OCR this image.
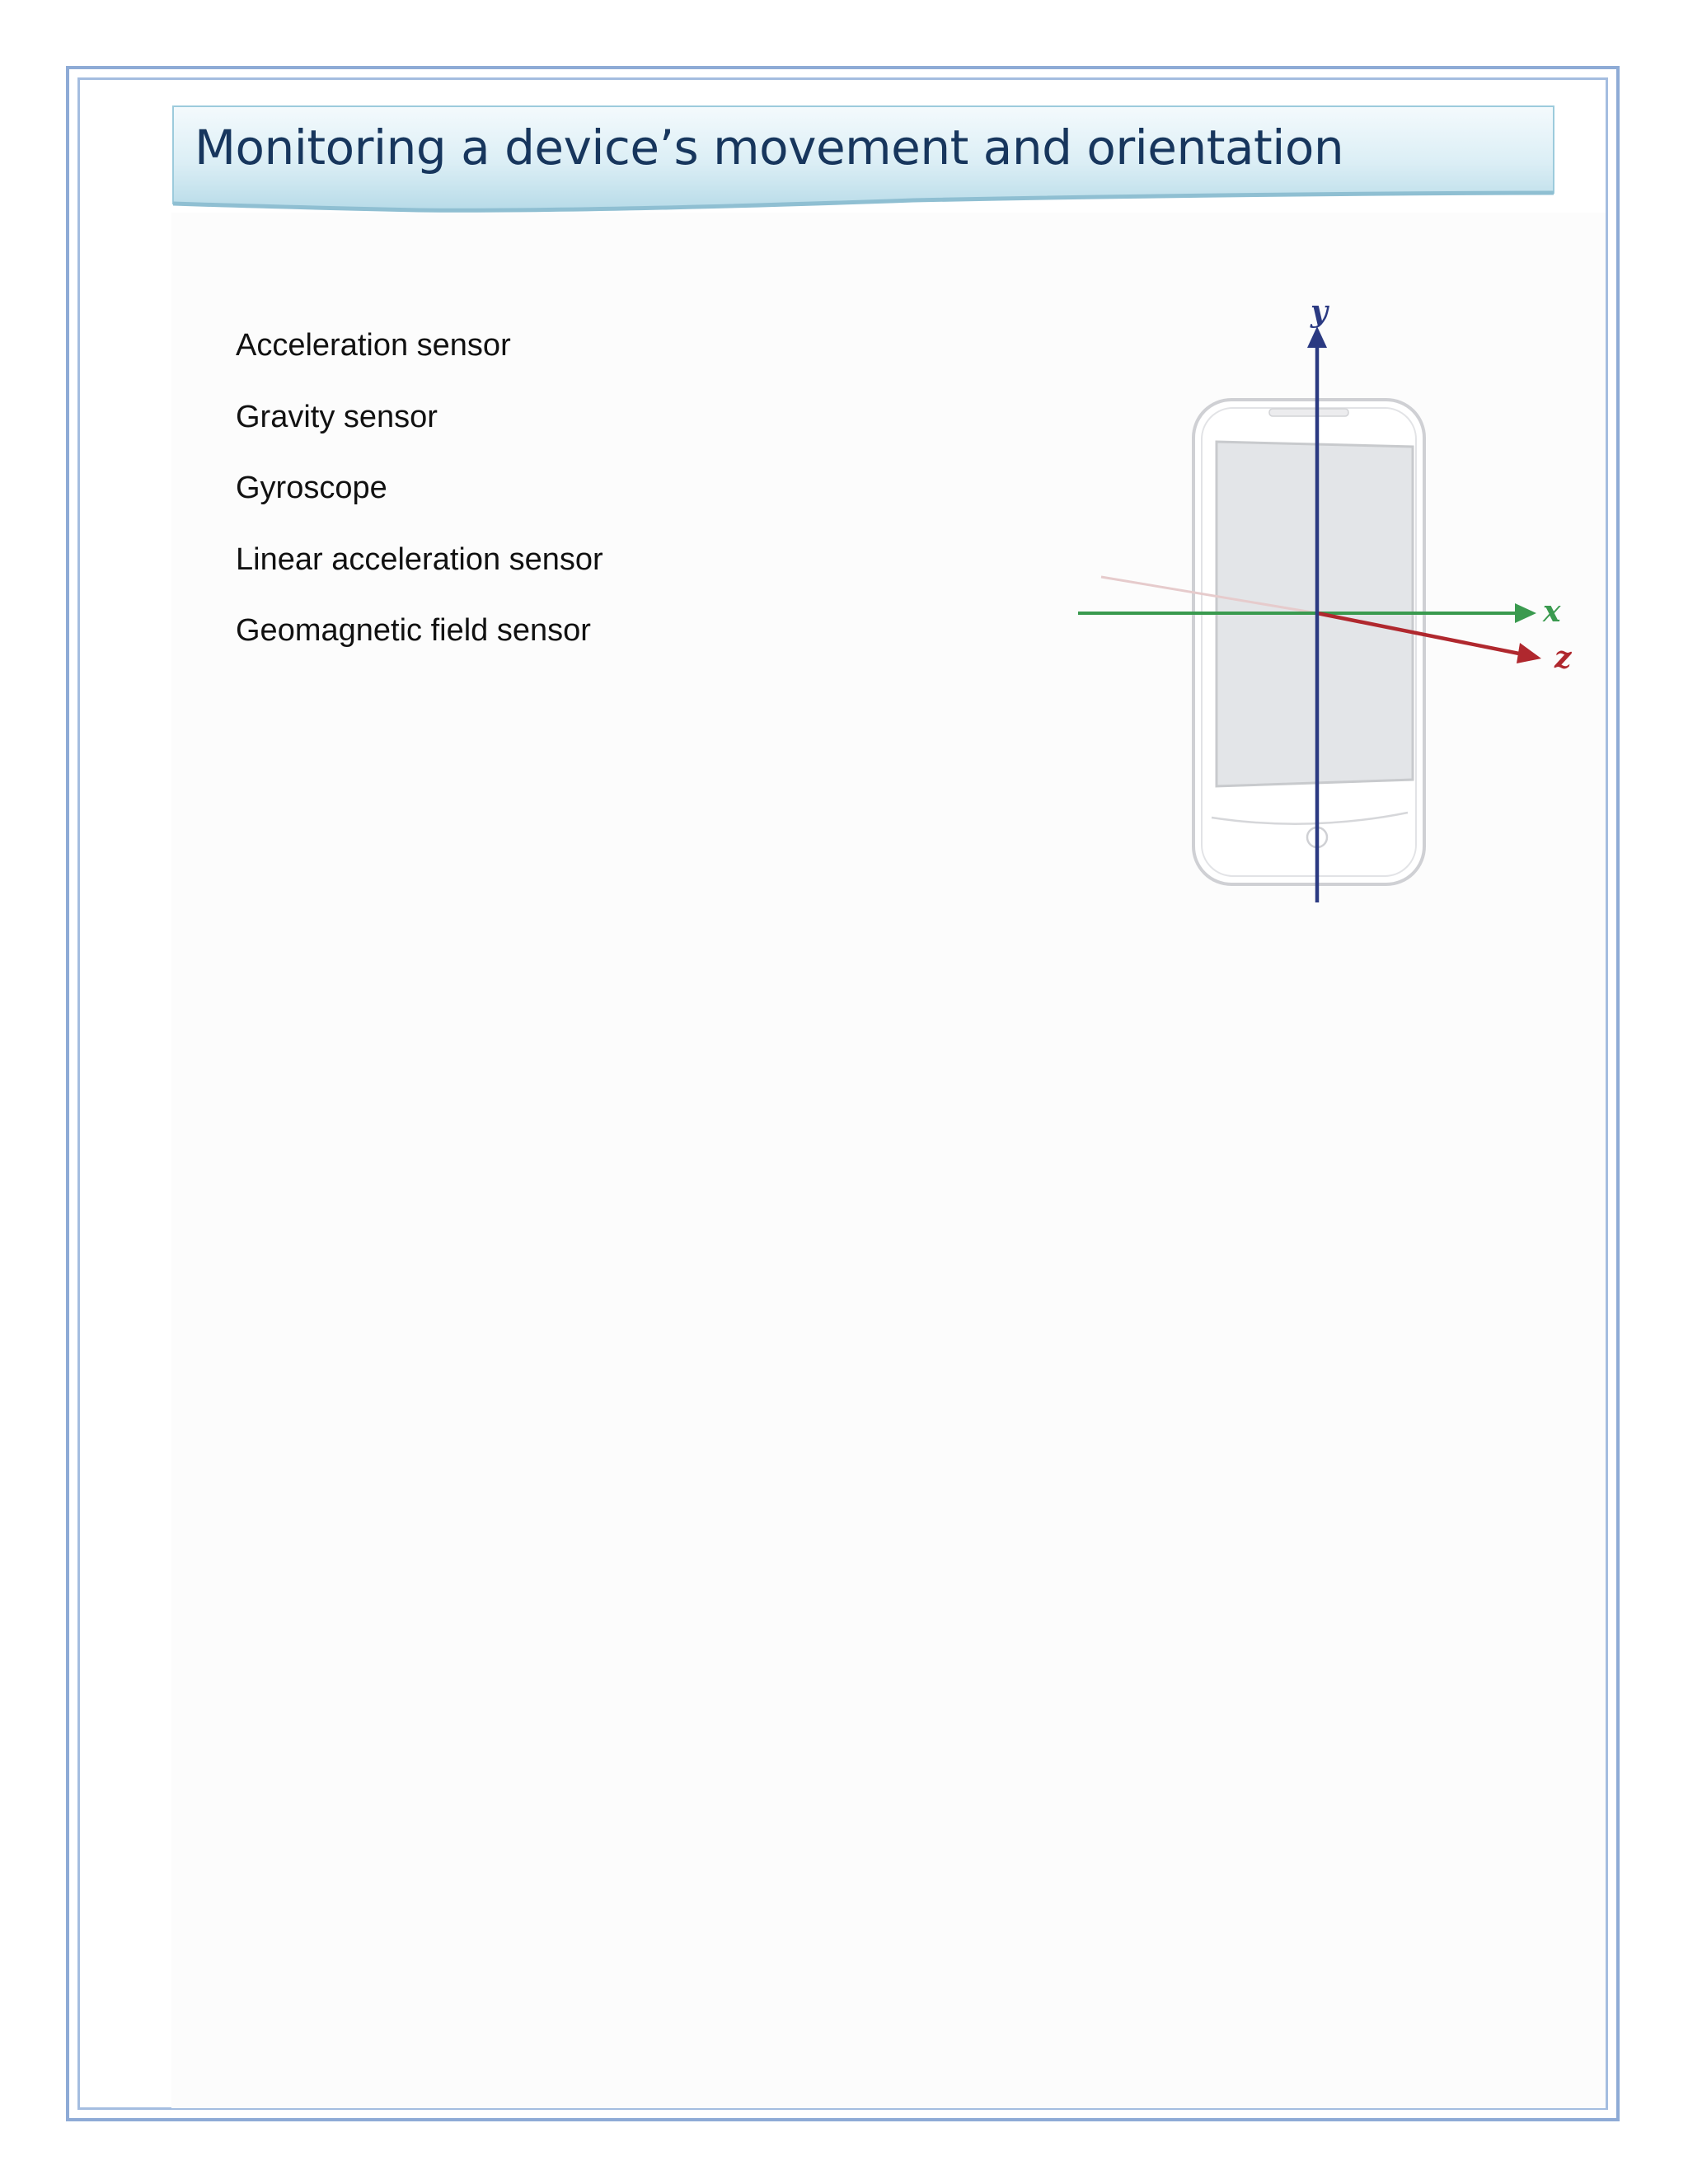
Monitoring a device’s movement and orientation
Acceleration sensor
Gravity sensor
Gyroscope
Linear acceleration sensor
Geomagnetic field sensor
y
x
z
